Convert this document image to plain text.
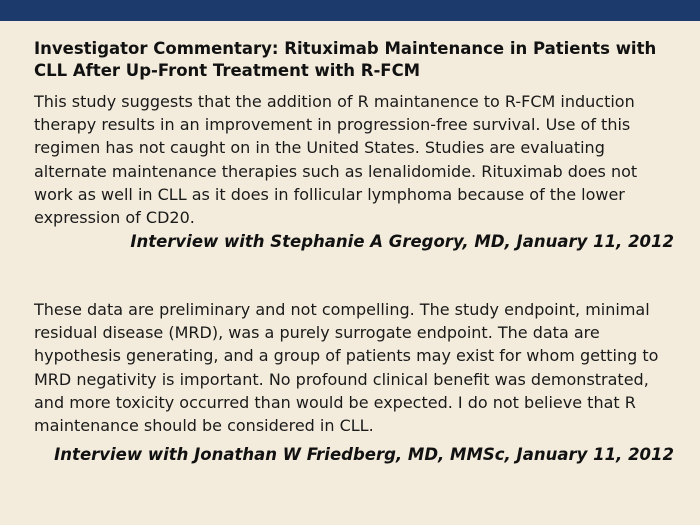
Investigator Commentary: Rituximab Maintenance in Patients with CLL After Up-Front Treatment with R-FCM

This study suggests that the addition of R maintanence to R-FCM induction therapy results in an improvement in progression-free survival. Use of this regimen has not caught on in the United States. Studies are evaluating alternate maintenance therapies such as lenalidomide. Rituximab does not work as well in CLL as it does in follicular lymphoma because of the lower expression of CD20.

Interview with Stephanie A Gregory, MD, January 11, 2012

These data are preliminary and not compelling. The study endpoint, minimal residual disease (MRD), was a purely surrogate endpoint. The data are hypothesis generating, and a group of patients may exist for whom getting to MRD negativity is important. No profound clinical benefit was demonstrated, and more toxicity occurred than would be expected. I do not believe that R maintenance should be considered in CLL.

Interview with Jonathan W Friedberg, MD, MMSc, January 11, 2012
